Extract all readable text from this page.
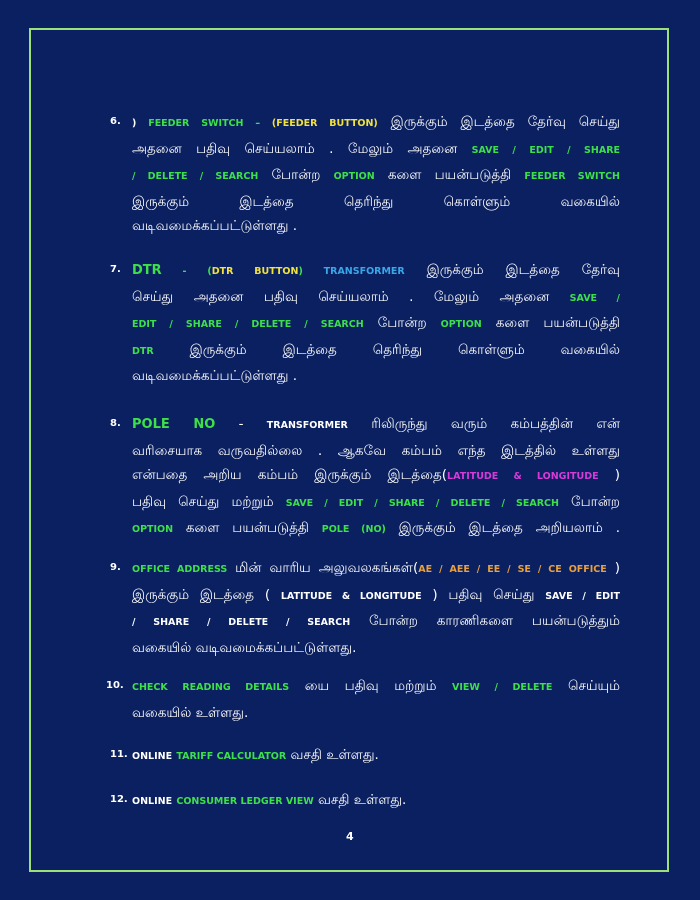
6. ) FEEDER SWITCH – (FEEDER BUTTON) இருக்கும் இடத்தை தேர்வு செய்து
அதனை பதிவு செய்யலாம் . மேலும் அதனை SAVE / EDIT / SHARE
/ DELETE / SEARCH போன்ற OPTION களை பயன்படுத்தி FEEDER SWITCH
இருக்கும் இடத்தை தெரிந்து கொள்ளும் வகையில்
வடிவமைக்கப்பட்டுள்ளது .
7. DTR - (DTR BUTTON) TRANSFORMER இருக்கும் இடத்தை தேர்வு
செய்து அதனை பதிவு செய்யலாம் . மேலும் அதனை SAVE /
EDIT / SHARE / DELETE / SEARCH போன்ற OPTION களை பயன்படுத்தி
DTR இருக்கும் இடத்தை தெரிந்து கொள்ளும் வகையில்
வடிவமைக்கப்பட்டுள்ளது .
8. POLE NO - TRANSFORMER ரிலிருந்து வரும் கம்பத்தின் என்
வரிசையாக வருவதில்லை . ஆகவே கம்பம் எந்த இடத்தில் உள்ளது
என்பதை அறிய கம்பம் இருக்கும் இடத்தை(LATITUDE & LONGITUDE )
பதிவு செய்து மற்றும் SAVE / EDIT / SHARE / DELETE / SEARCH போன்ற
OPTION களை பயன்படுத்தி POLE (NO) இருக்கும் இடத்தை அறியலாம் .
9. OFFICE ADDRESS மின் வாரிய அலுவலகங்கள்(AE / AEE / EE / SE / CE OFFICE )
இருக்கும் இடத்தை ( LATITUDE & LONGITUDE ) பதிவு செய்து SAVE / EDIT
/ SHARE / DELETE / SEARCH போன்ற காரணிகளை பயன்படுத்தும்
வகையில் வடிவமைக்கப்பட்டுள்ளது.
10. CHECK READING DETAILS யை பதிவு மற்றும் VIEW / DELETE செய்யும்
வகையில் உள்ளது.
11. ONLINE TARIFF CALCULATOR வசதி உள்ளது.
12. ONLINE CONSUMER LEDGER VIEW வசதி உள்ளது.
4
